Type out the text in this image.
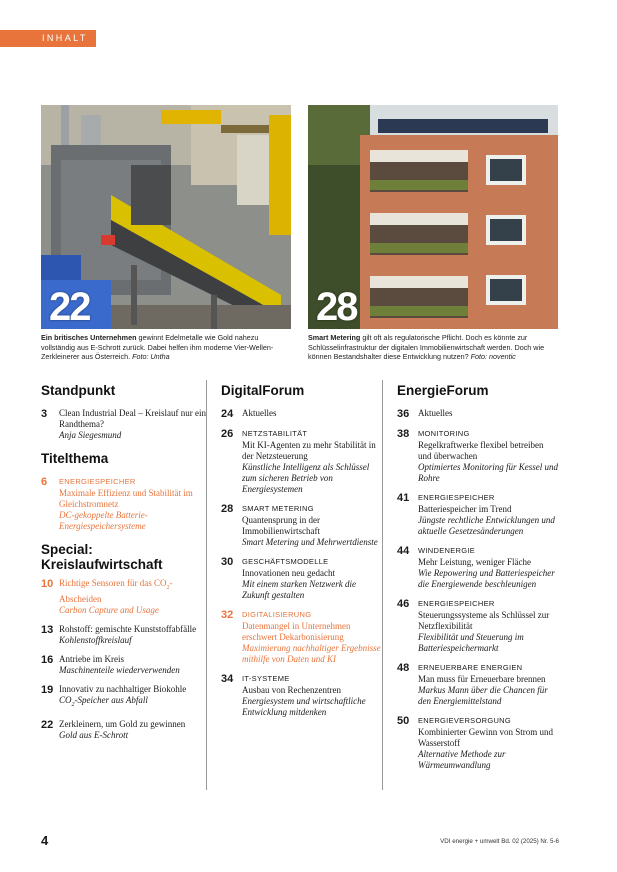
INHALT
22	28
Ein britisches Unternehmen gewinnt Edelmetalle wie Gold nahezu vollständig aus E-Schrott zurück. Dabei helfen ihm moderne Vier-Wellen-Zerkleinerer aus Österreich. Foto: Untha
Smart Metering gilt oft als regulatorische Pflicht. Doch es könnte zur Schlüsselinfrastruktur der digitalen Immobilienwirtschaft werden. Doch wie können Bestandshalter diese Entwicklung nutzen? Foto: noventic
Standpunkt
3	Clean Industrial Deal – Kreislauf nur ein Randthema?
Anja Siegesmund
Titelthema
6	ENERGIESPEICHER
Maximale Effizienz und Stabilität im Gleichstromnetz
DC-gekoppelte Batterie-Energiespeichersysteme
Special:
Kreislaufwirtschaft
10 Richtige Sensoren für das $CO_2$-Abscheiden
Carbon Capture and Usage
13 Rohstoff: gemischte Kunststoffabfälle
Kohlenstoffkreislauf
16 Antriebe im Kreis
Maschinenteile wiederverwenden
19 Innovativ zu nachhaltiger Biokohle
$CO_2$-Speicher aus Abfall
22 Zerkleinern, um Gold zu gewinnen
Gold aus E-Schrott
DigitalForum
24 Aktuelles
26	NETZSTABILITÄT
Mit KI-Agenten zu mehr Stabilität in der Netzsteuerung
Künstliche Intelligenz als Schlüssel zum sicheren Betrieb von Energiesystemen
28	SMART METERING
Quantensprung in der Immobilienwirtschaft
Smart Metering und Mehrwertdienste
30	GESCHÄFTSMODELLE
Innovationen neu gedacht
Mit einem starken Netzwerk die Zukunft gestalten
32	DIGITALISIERUNG
Datenmangel in Unternehmen erschwert Dekarbonisierung
Maximierung nachhaltiger Ergebnisse mithilfe von Daten und KI
34	IT-SYSTEME
Ausbau von Rechenzentren
Energiesystem und wirtschaftliche Entwicklung mitdenken
EnergieForum
36 Aktuelles
38	MONITORING
Regelkraftwerke flexibel betreiben und überwachen
Optimiertes Monitoring für Kessel und Rohre
41	ENERGIESPEICHER
Batteriespeicher im Trend
Jüngste rechtliche Entwicklungen und aktuelle Gesetzesänderungen
44	WINDENERGIE
Mehr Leistung, weniger Fläche
Wie Repowering und Batteriespeicher die Energiewende beschleunigen
46	ENERGIESPEICHER
Steuerungssysteme als Schlüssel zur Netzflexibilität
Flexibilität und Steuerung im Batteriespeichermarkt
48	ERNEUERBARE ENERGIEN
Man muss für Erneuerbare brennen
Markus Mann über die Chancen für den Energiemittelstand
50	ENERGIEVERSORGUNG
Kombinierter Gewinn von Strom und Wasserstoff
Alternative Methode zur Wärmeumwandlung
4	VDI energie + umwelt Bd. 02 (2025) Nr. 5-6
